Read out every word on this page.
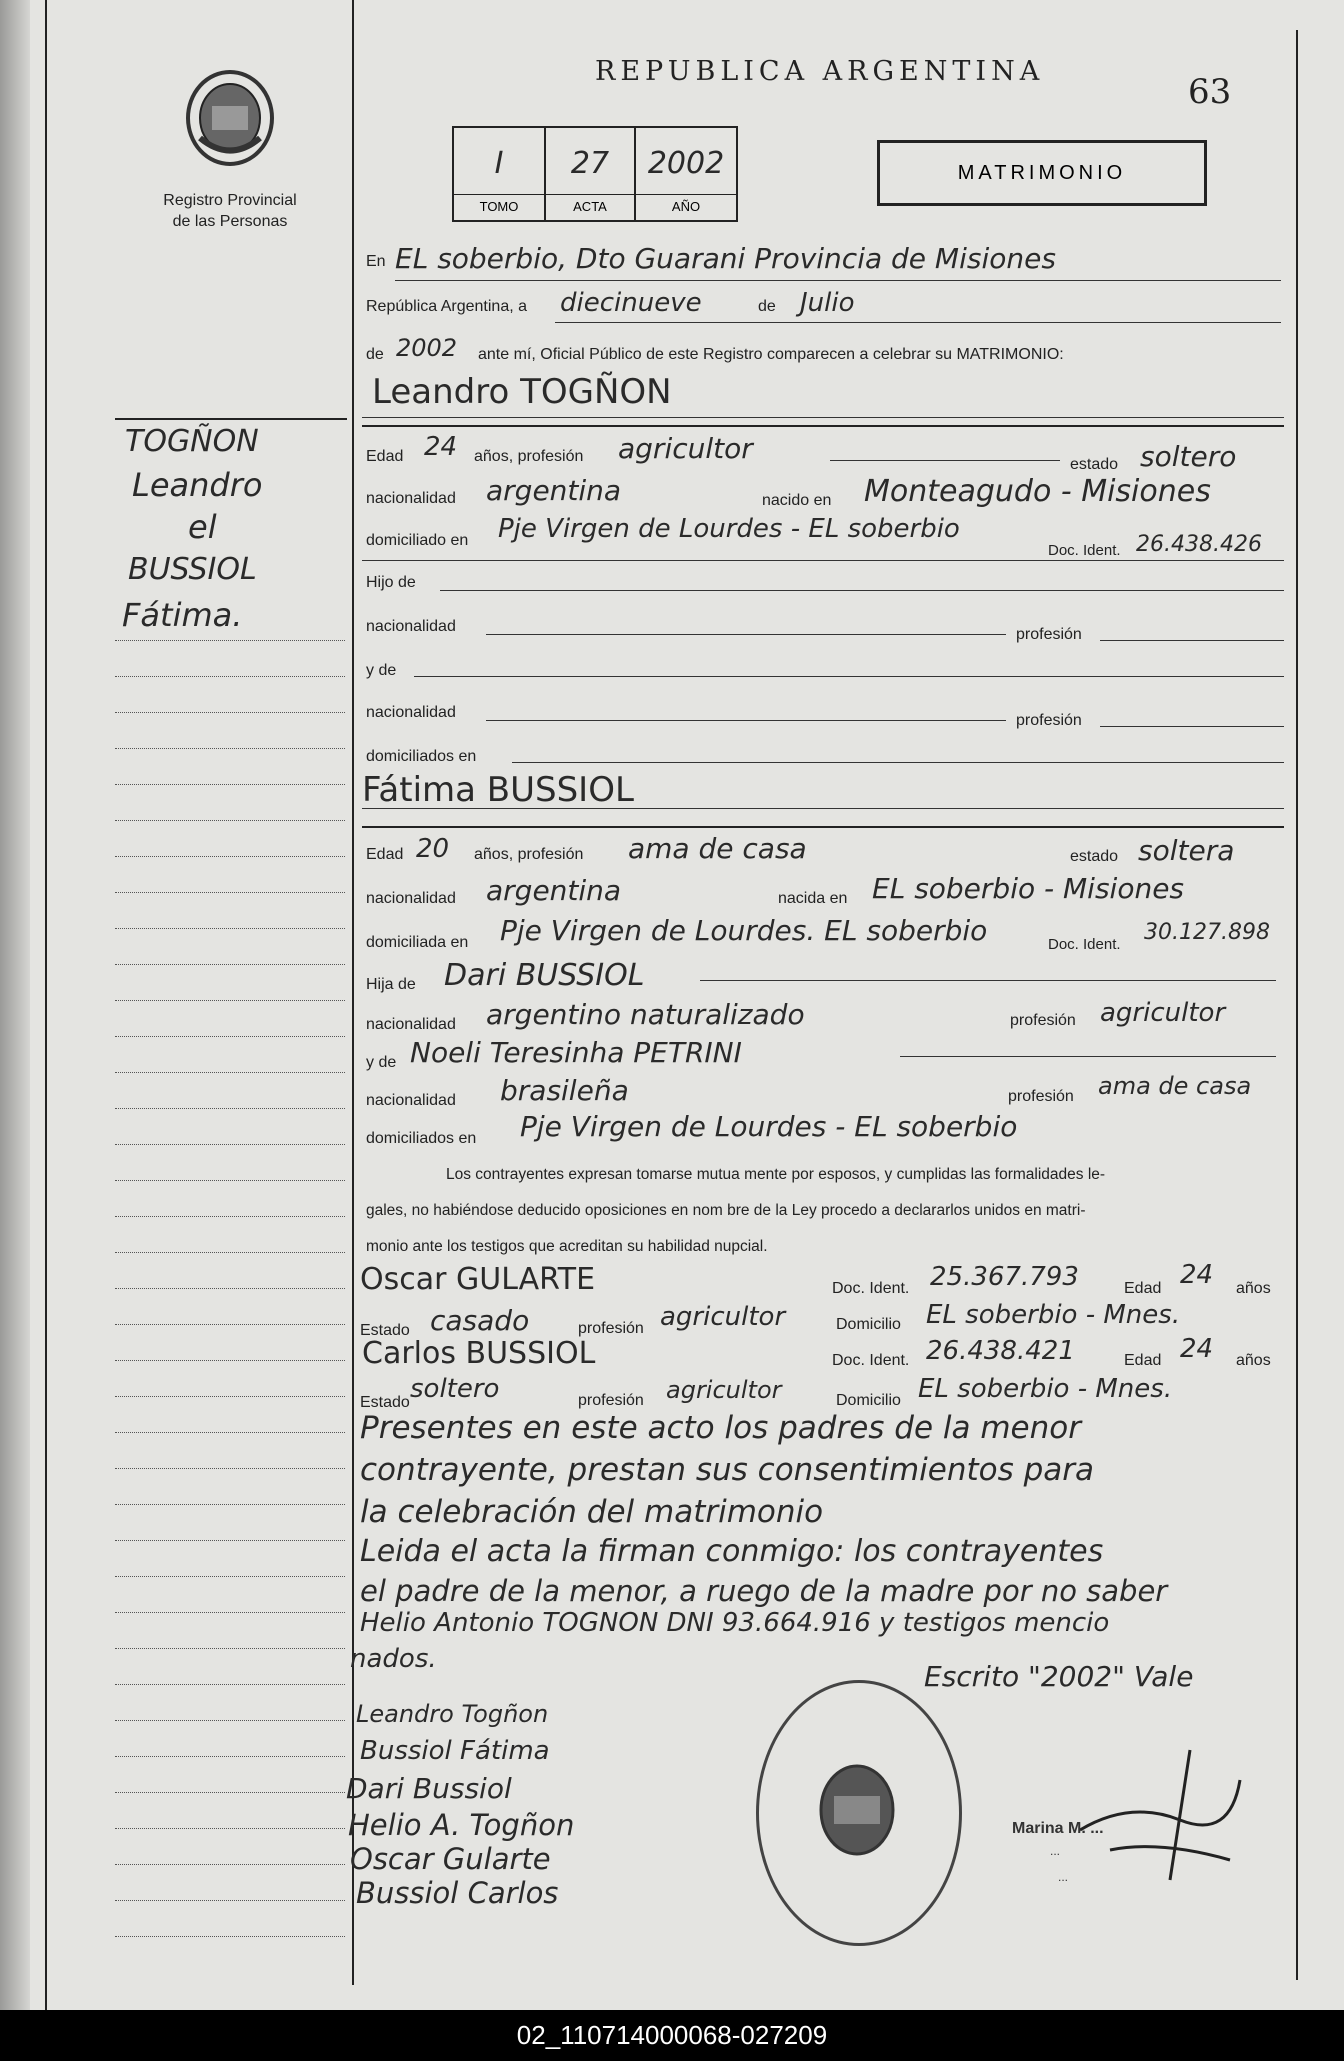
Registro Provincial
de las Personas
REPUBLICA ARGENTINA
63
I
TOMO
27
ACTA
2002
AÑO
MATRIMONIO
TOGÑON
Leandro
el
BUSSIOL
Fátima.
En EL soberbio, Dto Guarani Provincia de Misiones
República Argentina, a diecinueve	de Julio
de 2002 ante mí, Oficial Público de este Registro comparecen a celebrar su MATRIMONIO:
Leandro TOGÑON
Edad 24 años, profesión agricultor	estado soltero
nacionalidad argentina	nacido en Monteagudo - Misiones
domiciliado en Pje Virgen de Lourdes - EL soberbio
Doc. Ident. 26.438.426
Hijo de
nacionalidad	profesión
y de
nacionalidad	profesión
domiciliados en
Fátima BUSSIOL
Edad 20 años, profesión ama de casa	estado soltera
nacionalidad argentina	nacida en EL soberbio - Misiones
domiciliada en Pje Virgen de Lourdes. EL soberbio	Doc. Ident. 30.127.898
Hija de Dari BUSSIOL
nacionalidad argentino naturalizado	profesión agricultor
y de Noeli Teresinha PETRINI
nacionalidad brasileña	profesión ama de casa
domiciliados en Pje Virgen de Lourdes - EL soberbio
Los contrayentes expresan tomarse mutua mente por esposos, y cumplidas las formalidades le-
gales, no habiéndose deducido oposiciones en nom bre de la Ley procedo a declararlos unidos en matri-
monio ante los testigos que acreditan su habilidad nupcial.
Oscar GULARTE	Doc. Ident. 25.367.793	Edad 24 años
Estado casado	profesión agricultor	Domicilio EL soberbio - Mnes.
Carlos BUSSIOL	Doc. Ident. 26.438.421	Edad 24 años
Estado soltero	profesión agricultor	Domicilio EL soberbio - Mnes.
Presentes en este acto los padres de la menor
contrayente, prestan sus consentimientos para
la celebración del matrimonio
Leida el acta la firman conmigo: los contrayentes
el padre de la menor, a ruego de la madre por no saber
Helio Antonio TOGNON DNI 93.664.916 y testigos mencio
nados.
Escrito "2002" Vale
Leandro Togñon
Bussiol Fátima
Dari Bussiol
Helio A. Togñon
Oscar Gularte
Bussiol Carlos
Marina M. ...
...
...
02_110714000068-027209
